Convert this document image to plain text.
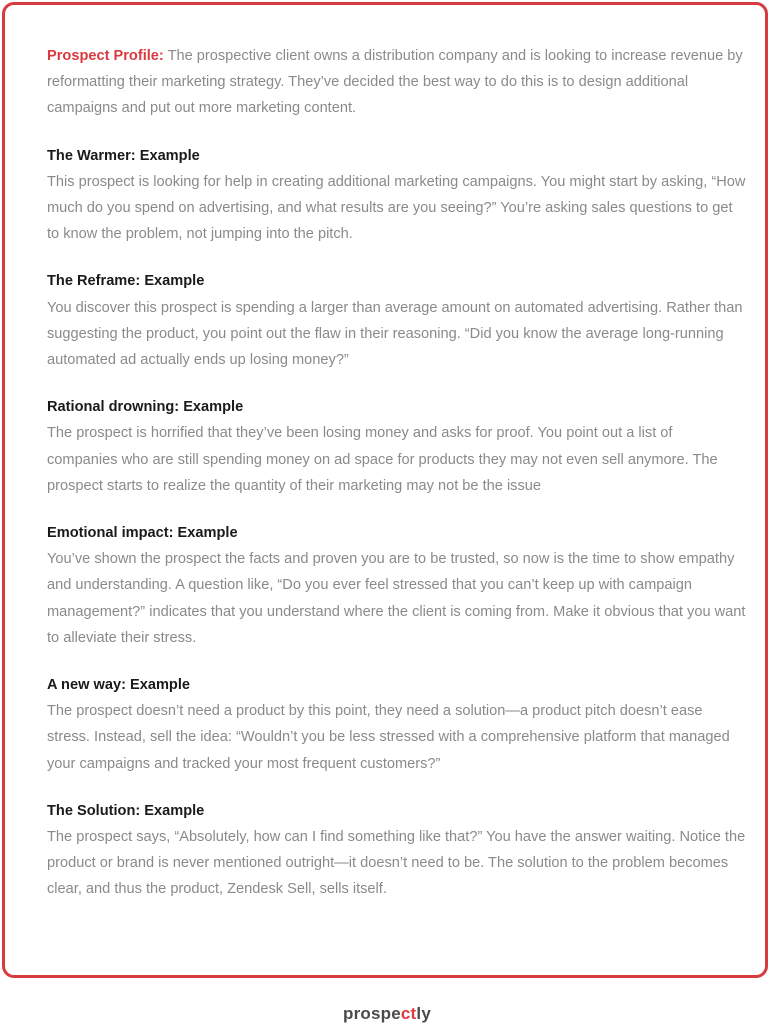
Prospect Profile: The prospective client owns a distribution company and is looking to increase revenue by reformatting their marketing strategy. They’ve decided the best way to do this is to design additional campaigns and put out more marketing content.

The Warmer: Example

This prospect is looking for help in creating additional marketing campaigns. You might start by asking, “How much do you spend on advertising, and what results are you seeing?” You’re asking sales questions to get to know the problem, not jumping into the pitch.

The Reframe: Example

You discover this prospect is spending a larger than average amount on automated advertising. Rather than suggesting the product, you point out the flaw in their reasoning. “Did you know the average long-running automated ad actually ends up losing money?”

Rational drowning: Example

The prospect is horrified that they’ve been losing money and asks for proof. You point out a list of companies who are still spending money on ad space for products they may not even sell anymore. The prospect starts to realize the quantity of their marketing may not be the issue

Emotional impact: Example

You’ve shown the prospect the facts and proven you are to be trusted, so now is the time to show empathy and understanding. A question like, “Do you ever feel stressed that you can’t keep up with campaign management?” indicates that you understand where the client is coming from. Make it obvious that you want to alleviate their stress.

A new way: Example

The prospect doesn’t need a product by this point, they need a solution—a product pitch doesn’t ease stress. Instead, sell the idea: “Wouldn’t you be less stressed with a comprehensive platform that managed your campaigns and tracked your most frequent customers?”

The Solution: Example

The prospect says, “Absolutely, how can I find something like that?” You have the answer waiting. Notice the product or brand is never mentioned outright—it doesn’t need to be. The solution to the problem becomes clear, and thus the product, Zendesk Sell, sells itself.

prospectly
